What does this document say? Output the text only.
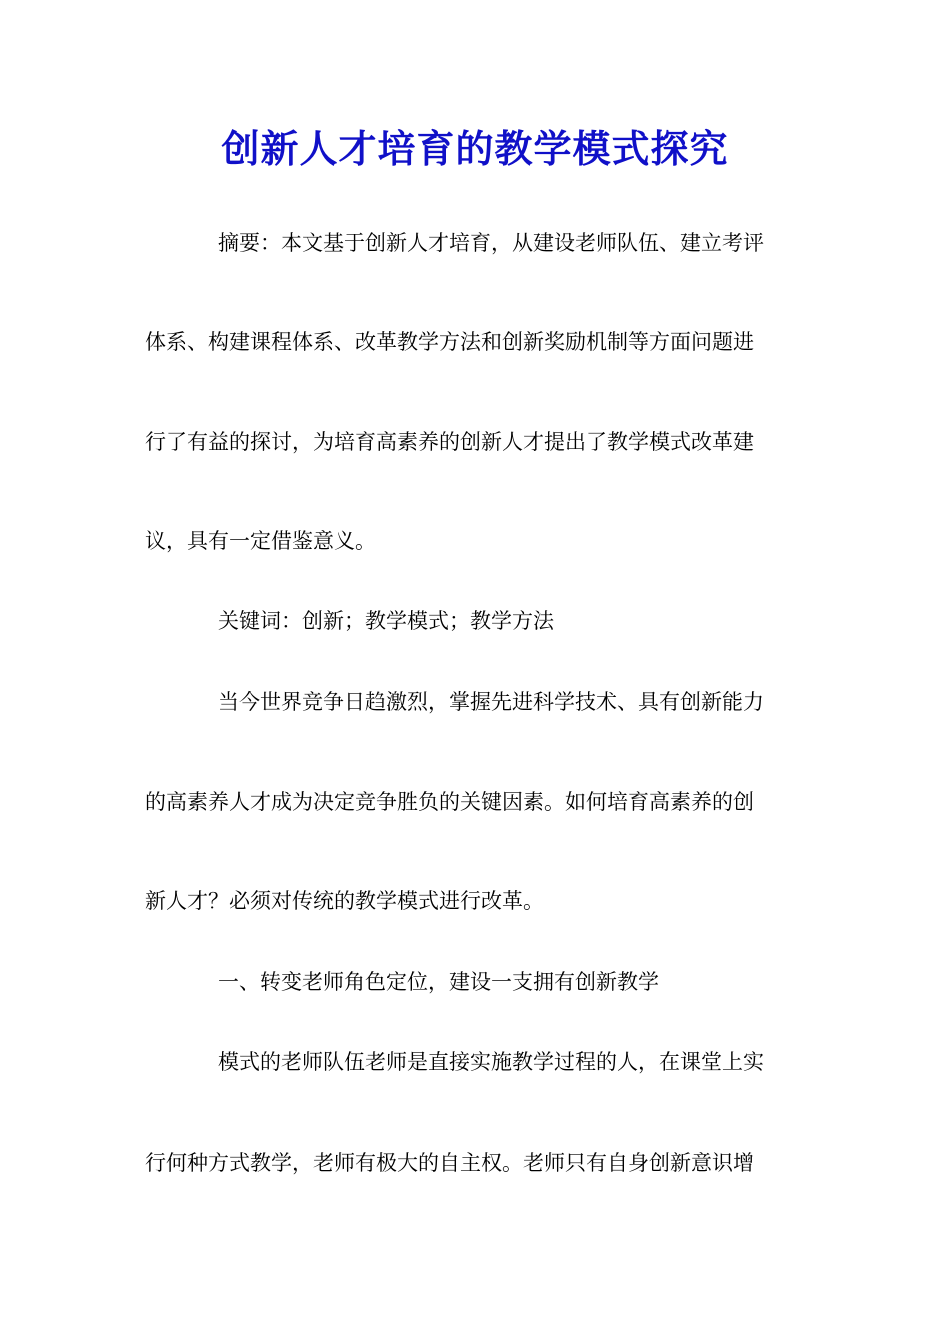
创新人才培育的教学模式探究

摘要：本文基于创新人才培育，从建设老师队伍、建立考评

体系、构建课程体系、改革教学方法和创新奖励机制等方面问题进

行了有益的探讨，为培育高素养的创新人才提出了教学模式改革建

议，具有一定借鉴意义。

关键词：创新；教学模式；教学方法

当今世界竞争日趋激烈，掌握先进科学技术、具有创新能力

的高素养人才成为决定竞争胜负的关键因素。如何培育高素养的创

新人才？必须对传统的教学模式进行改革。

一、转变老师角色定位，建设一支拥有创新教学

模式的老师队伍老师是直接实施教学过程的人，在课堂上实

行何种方式教学，老师有极大的自主权。老师只有自身创新意识增
